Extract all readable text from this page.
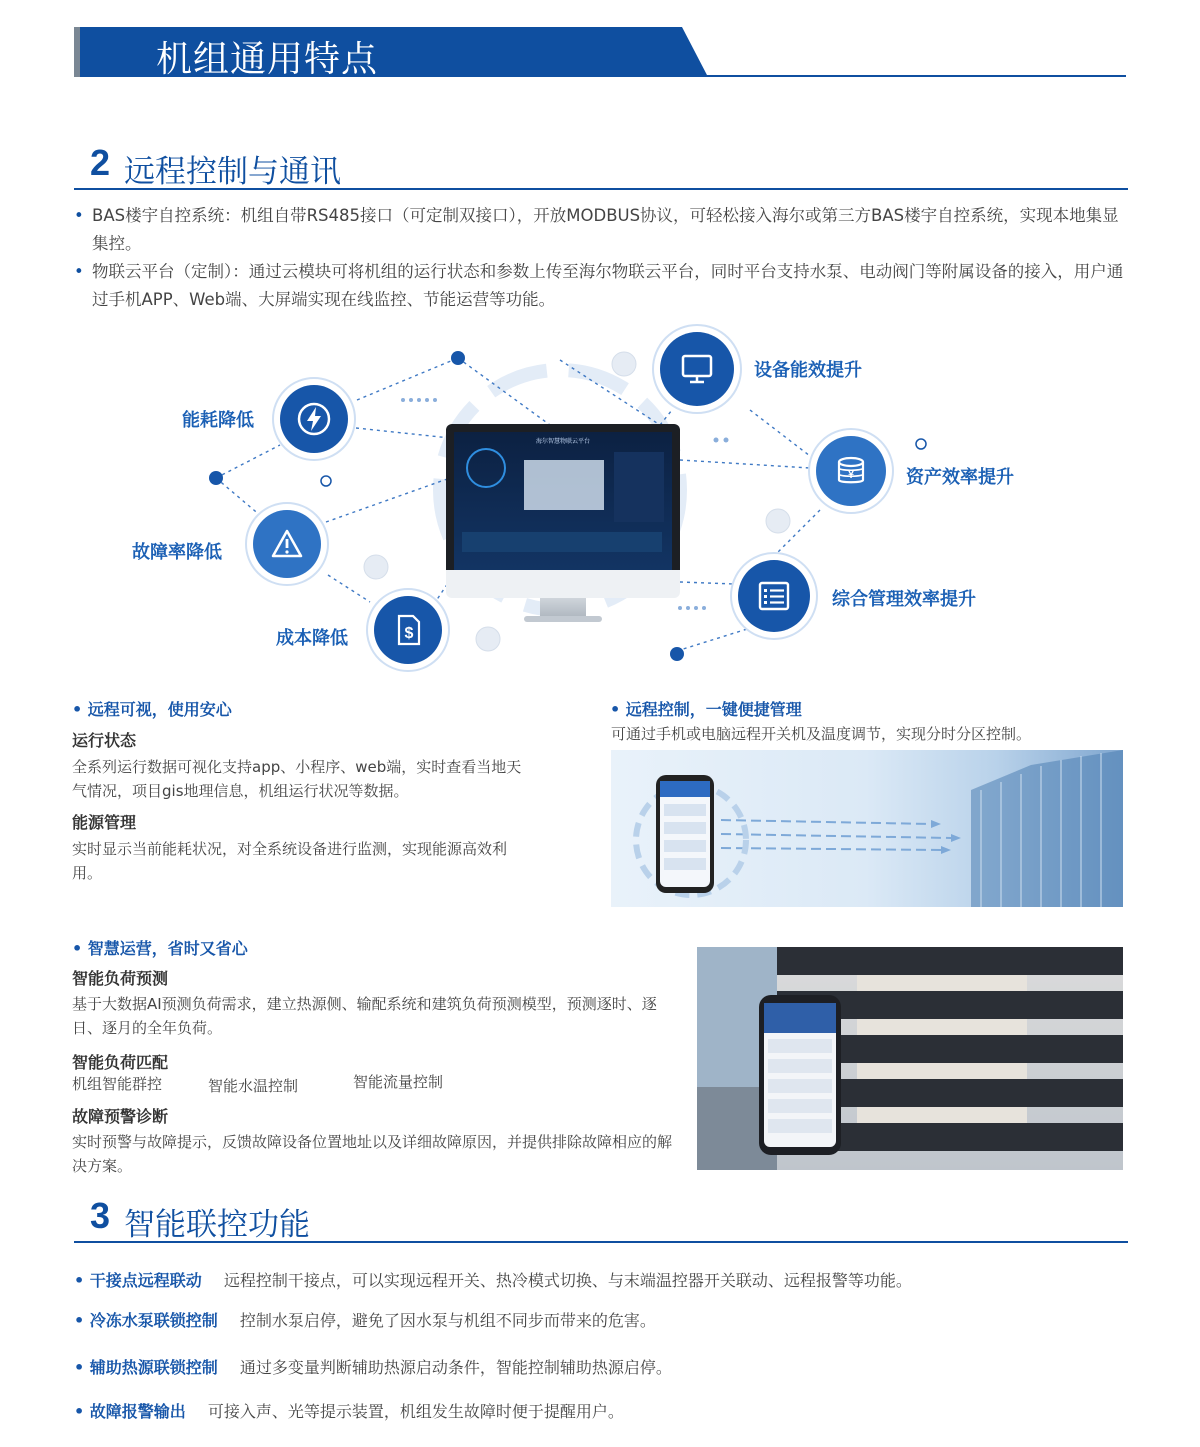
机组通用特点
2 远程控制与通讯
• BAS楼宇自控系统：机组自带RS485接口（可定制双接口），开放MODBUS协议，可轻松接入海尔或第三方BAS楼宇自控系统，实现本地集显集控。
• 物联云平台（定制）：通过云模块可将机组的运行状态和参数上传至海尔物联云平台，同时平台支持水泵、电动阀门等附属设备的接入，用户通过手机APP、Web端、大屏端实现在线监控、节能运营等功能。
海尔智慧物联云平台
能耗降低
故障率降低
$
成本降低
设备能效提升
¥	资产效率提升
综合管理效率提升
• 远程可视，使用安心
运行状态
全系列运行数据可视化支持app、小程序、web端，实时查看当地天气情况，项目gis地理信息，机组运行状况等数据。
能源管理
实时显示当前能耗状况，对全系统设备进行监测，实现能源高效利用。
• 远程控制，一键便捷管理
可通过手机或电脑远程开关机及温度调节，实现分时分区控制。
• 智慧运营，省时又省心
智能负荷预测
基于大数据AI预测负荷需求，建立热源侧、输配系统和建筑负荷预测模型，预测逐时、逐日、逐月的全年负荷。
智能负荷匹配
机组智能群控	智能水温控制	智能流量控制
故障预警诊断
实时预警与故障提示，反馈故障设备位置地址以及详细故障原因，并提供排除故障相应的解决方案。
3 智能联控功能
• 干接点远程联动 远程控制干接点，可以实现远程开关、热冷模式切换、与末端温控器开关联动、远程报警等功能。
• 冷冻水泵联锁控制 控制水泵启停，避免了因水泵与机组不同步而带来的危害。
• 辅助热源联锁控制 通过多变量判断辅助热源启动条件，智能控制辅助热源启停。
• 故障报警输出 可接入声、光等提示装置，机组发生故障时便于提醒用户。
